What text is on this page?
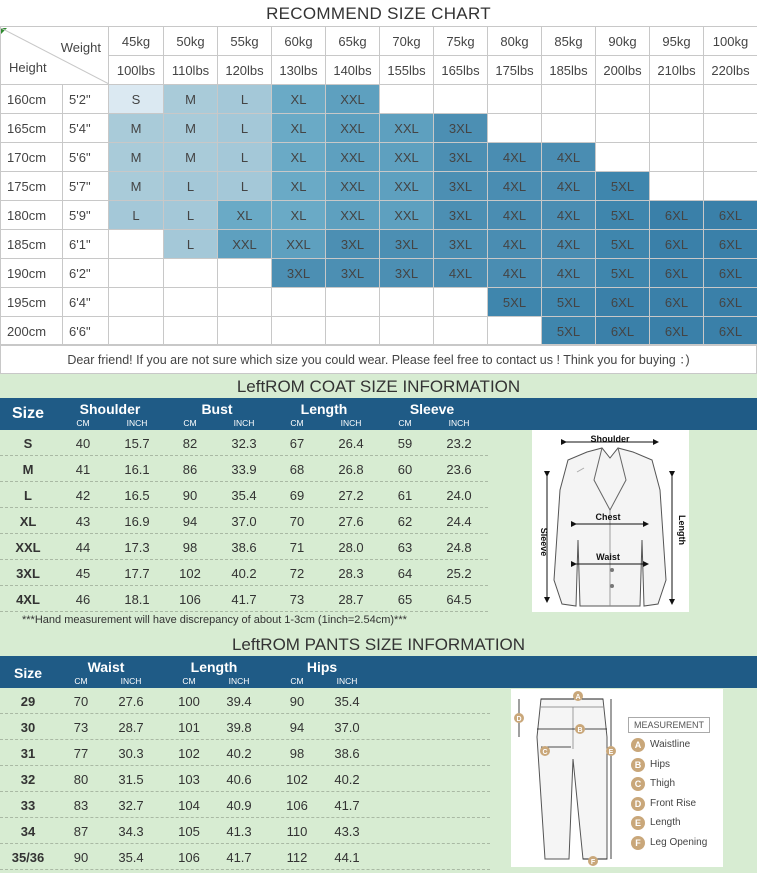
RECOMMEND SIZE CHART
Weight
Height		45kg	50kg	55kg	60kg	65kg	70kg	75kg	80kg	85kg	90kg	95kg	100kg
		100lbs	110lbs	120lbs	130lbs	140lbs	155lbs	165lbs	175lbs	185lbs	200lbs	210lbs	220lbs
160cm	5'2"	S	M	L	XL	XXL							
165cm	5'4"	M	M	L	XL	XXL	XXL	3XL					
170cm	5'6"	M	M	L	XL	XXL	XXL	3XL	4XL	4XL			
175cm	5'7"	M	L	L	XL	XXL	XXL	3XL	4XL	4XL	5XL		
180cm	5'9"	L	L	XL	XL	XXL	XXL	3XL	4XL	4XL	5XL	6XL	6XL
185cm	6'1"		L	XXL	XXL	3XL	3XL	3XL	4XL	4XL	5XL	6XL	6XL
190cm	6'2"				3XL	3XL	3XL	4XL	4XL	4XL	5XL	6XL	6XL
195cm	6'4"								5XL	5XL	6XL	6XL	6XL
200cm	6'6"									5XL	6XL	6XL	6XL
Dear friend! If you are not sure which size you could wear. Please feel free to contact us ! Think you for buying ：)
LeftROM COAT SIZE INFORMATION
Size	Shoulder
CM	INCH
Bust
CM	INCH
Length
CM	INCH
Sleeve
CM	INCH
S	40	15.7	82	32.3	67	26.4	59	23.2
M	41	16.1	86	33.9	68	26.8	60	23.6
L	42	16.5	90	35.4	69	27.2	61	24.0
XL	43	16.9	94	37.0	70	27.6	62	24.4
XXL	44	17.3	98	38.6	71	28.0	63	24.8
3XL	45	17.7	102	40.2	72	28.3	64	25.2
4XL	46	18.1	106	41.7	73	28.7	65	64.5
***Hand measurement will have discrepancy of about 1-3cm (1inch=2.54cm)***
Shoulder
Chest
Waist
Sleeve	Length
LeftROM PANTS SIZE INFORMATION
Size	Waist
CM	INCH
Length
CM	INCH
Hips
CM	INCH
29	70	27.6	100	39.4	90	35.4
30	73	28.7	101	39.8	94	37.0
31	77	30.3	102	40.2	98	38.6
32	80	31.5	103	40.6	102	40.2
33	83	32.7	104	40.9	106	41.7
34	87	34.3	105	41.3	110	43.3
35/36	90	35.4	106	41.7	112	44.1
A
B
C
D
E
F
MEASUREMENT
A Waistline
B Hips
C Thigh
D Front Rise
E Length
F Leg Opening
